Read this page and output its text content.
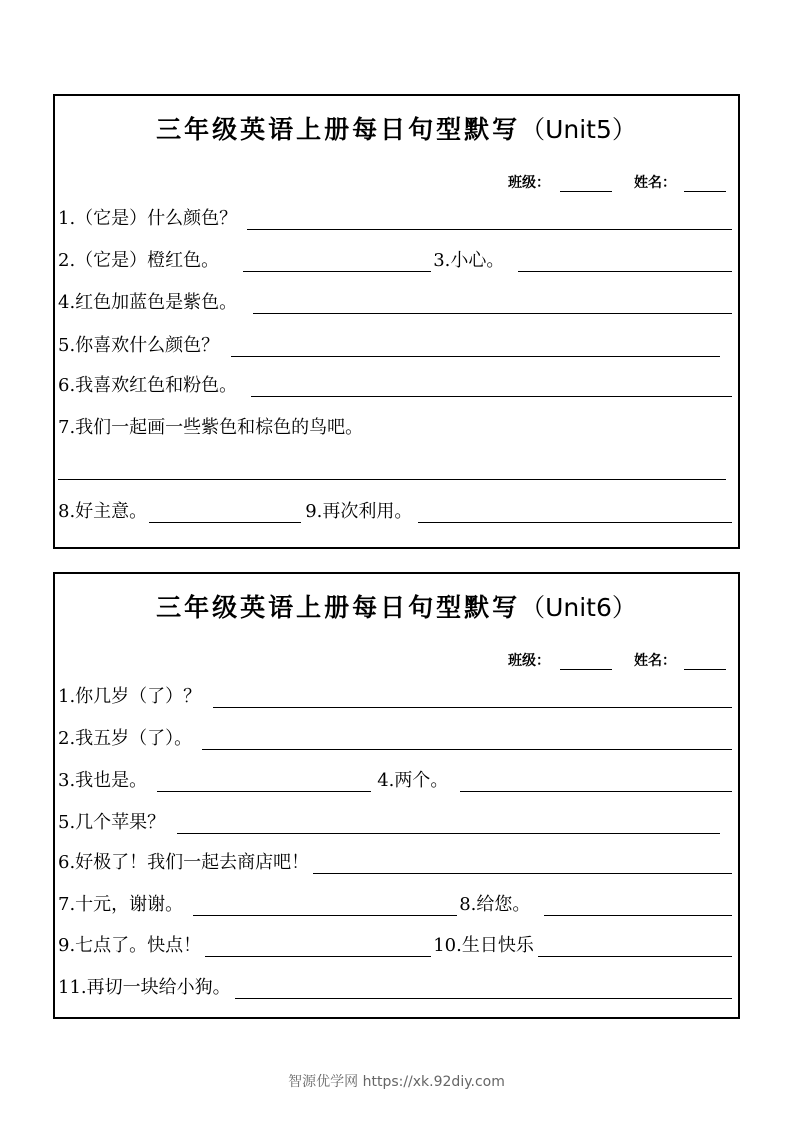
三年级英语上册每日句型默写（Unit5）
班级：	姓名：
1.（它是）什么颜色？
2.（它是）橙红色。	3.小心。
4.红色加蓝色是紫色。
5.你喜欢什么颜色？
6.我喜欢红色和粉色。
7.我们一起画一些紫色和棕色的鸟吧。
8.好主意。	9.再次利用。
三年级英语上册每日句型默写（Unit6）
班级：	姓名：
1.你几岁（了）？
2.我五岁（了）。
3.我也是。	4.两个。
5.几个苹果？
6.好极了！我们一起去商店吧！
7.十元，谢谢。	8.给您。
9.七点了。快点！	10.生日快乐
11.再切一块给小狗。
智源优学网 https://xk.92diy.com
